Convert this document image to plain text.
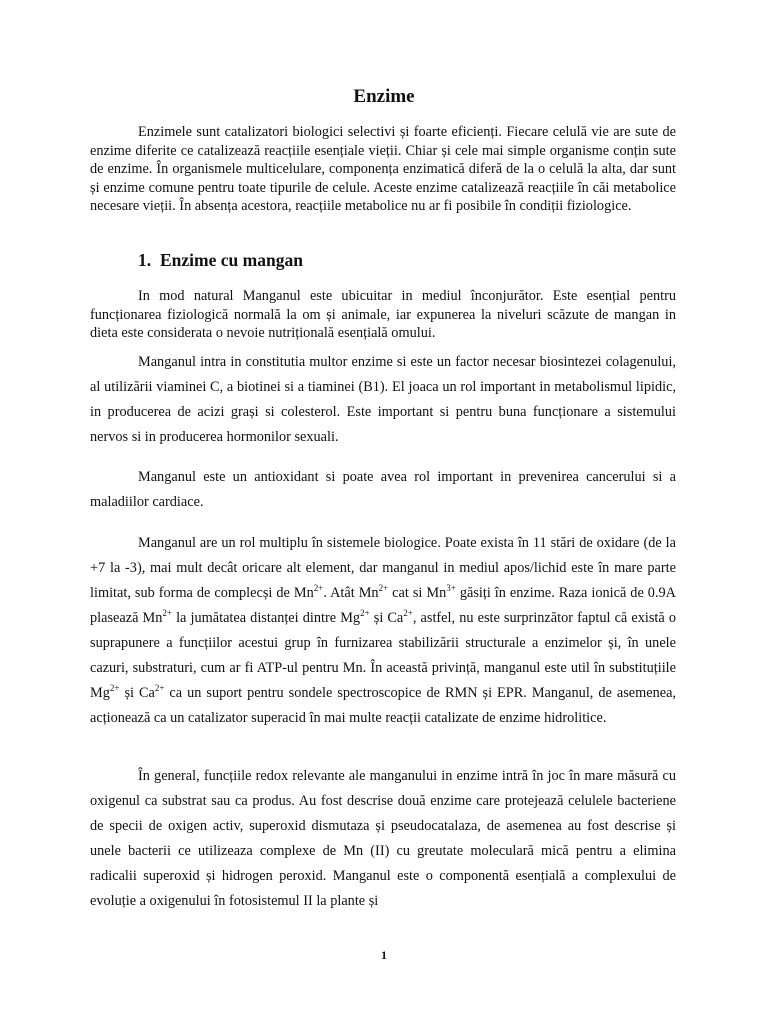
Enzime

Enzimele sunt catalizatori biologici selectivi și foarte eficienți. Fiecare celulă vie are sute de enzime diferite ce catalizează reacțiile esențiale vieții. Chiar și cele mai simple organisme conțin sute de enzime. În organismele multicelulare, componența enzimatică diferă de la o celulă la alta, dar sunt și enzime comune pentru toate tipurile de celule. Aceste enzime catalizează reacțiile în căi metabolice necesare vieții. În absența acestora, reacțiile metabolice nu ar fi posibile în condiții fiziologice.

1. Enzime cu mangan

In mod natural Manganul este ubicuitar in mediul înconjurător. Este esențial pentru funcționarea fiziologică normală la om și animale, iar expunerea la niveluri scăzute de mangan in dieta este considerata o nevoie nutrițională esențială omului.

Manganul intra in constitutia multor enzime si este un factor necesar biosintezei colagenului, al utilizării viaminei C, a biotinei si a tiaminei (B1). El joaca un rol important in metabolismul lipidic, in producerea de acizi grași si colesterol. Este important si pentru buna funcționare a sistemului nervos si in producerea hormonilor sexuali.

Manganul este un antioxidant si poate avea rol important in prevenirea cancerului si a maladiilor cardiace.

Manganul are un rol multiplu în sistemele biologice. Poate exista în 11 stări de oxidare (de la +7 la -3), mai mult decât oricare alt element, dar manganul in mediul apos/lichid este în mare parte limitat, sub forma de complecși de $Mn^{2+}$. Atât $Mn^{2+}$ cat si $Mn^{3+}$ găsiți în enzime. Raza ionică de 0.9A plasează $Mn^{2+}$ la jumătatea distanței dintre $Mg^{2+}$ și $Ca^{2+}$, astfel, nu este surprinzător faptul că există o suprapunere a funcțiilor acestui grup în furnizarea stabilizării structurale a enzimelor și, în unele cazuri, substraturi, cum ar fi ATP-ul pentru Mn. În această privință, manganul este util în substituțiile $Mg^{2+}$ și $Ca^{2+}$ ca un suport pentru sondele spectroscopice de RMN și EPR. Manganul, de asemenea, acționează ca un catalizator superacid în mai multe reacții catalizate de enzime hidrolitice.

În general, funcțiile redox relevante ale manganului in enzime intră în joc în mare măsură cu oxigenul ca substrat sau ca produs. Au fost descrise două enzime care protejează celulele bacteriene de specii de oxigen activ, superoxid dismutaza și pseudocatalaza, de asemenea au fost descrise și unele bacterii ce utilizeaza complexe de Mn (II) cu greutate moleculară mică pentru a elimina radicalii superoxid și hidrogen peroxid. Manganul este o componentă esențială a complexului de evoluție a oxigenului în fotosistemul II la plante și

1
